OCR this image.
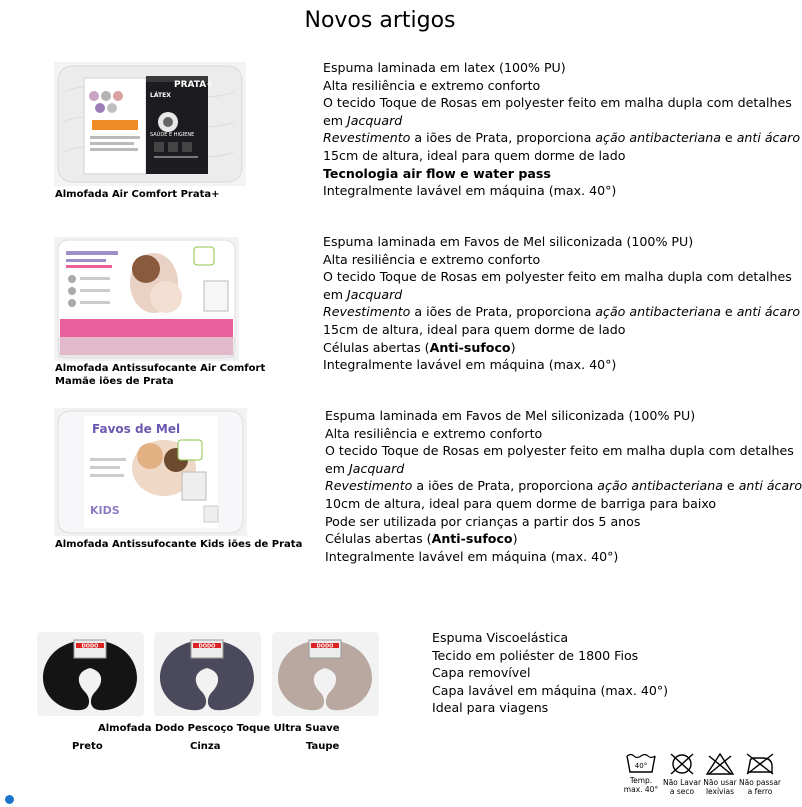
Novos artigos
PRATA+
LÁTEX
SAÚDE E HIGIENE
Almofada Air Comfort Prata+
Espuma laminada em latex (100% PU)
Alta resiliência e extremo conforto
O tecido Toque de Rosas em polyester feito em malha dupla com detalhes
em Jacquard
Revestimento a iões de Prata, proporciona ação antibacteriana e anti ácaro
15cm de altura, ideal para quem dorme de lado
Tecnologia air flow e water pass
Integralmente lavável em máquina (max. 40°)
Almofada Antissufocante Air Comfort
Mamãe iões de Prata
Espuma laminada em Favos de Mel siliconizada (100% PU)
Alta resiliência e extremo conforto
O tecido Toque de Rosas em polyester feito em malha dupla com detalhes
em Jacquard
Revestimento a iões de Prata, proporciona ação antibacteriana e anti ácaro
15cm de altura, ideal para quem dorme de lado
Células abertas (Anti-sufoco)
Integralmente lavável em máquina (max. 40°)
Favos de Mel
KIDS
Almofada Antissufocante Kids iões de Prata
Espuma laminada em Favos de Mel siliconizada (100% PU)
Alta resiliência e extremo conforto
O tecido Toque de Rosas em polyester feito em malha dupla com detalhes
em Jacquard
Revestimento a iões de Prata, proporciona ação antibacteriana e anti ácaro
10cm de altura, ideal para quem dorme de barriga para baixo
Pode ser utilizada por crianças a partir dos 5 anos
Células abertas (Anti-sufoco)
Integralmente lavável em máquina (max. 40°)
DODO	DODO	DODO
Almofada Dodo Pescoço Toque Ultra Suave
Preto	Cinza	Taupe
Espuma Viscoelástica
Tecido em poliéster de 1800 Fios
Capa removível
Capa lavável em máquina (max. 40°)
Ideal para viagens
40°
Temp.
max. 40°
Não Lavar
a seco
Não usar
lexívias
Não passar
a ferro
